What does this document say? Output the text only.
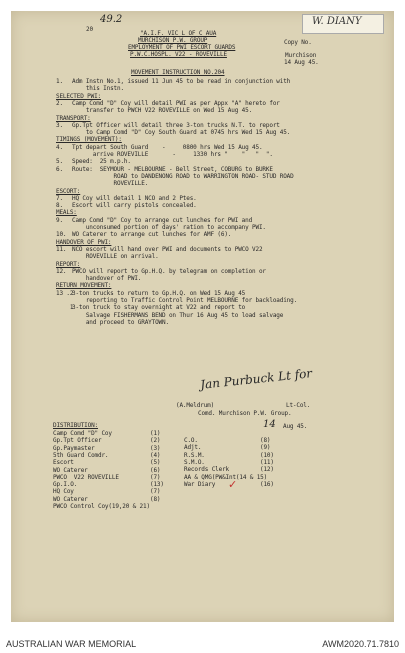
49.2
20
W. DIANY
"A.I.F. VIC L OF C AUA
MURCHISON P.W. GROUP
EMPLOYMENT OF PWI ESCORT GUARDS
P.W.C.HOSPL. V22 - ROVEVILLE
MOVEMENT INSTRUCTION NO.204
Copy No.
Murchison
14 Aug 45.
1. Adm Instn No.1, issued 11 Jun 45 to be read in conjunction with
this Instn.
SELECTED PWI:
2. Camp Comd "D" Coy will detail PWI as per Appx "A" hereto for
transfer to PWCH V22 ROVEVILLE on Wed 15 Aug 45.
TRANSPORT:
3. Gp.Tpt Officer will detail three 3-ton trucks N.T. to report
to Camp Comd "D" Coy South Guard at 0745 hrs Wed 15 Aug 45.
TIMINGS (MOVEMENT):
4. Tpt depart South Guard    -     0800 hrs Wed 15 Aug 45.
arrive ROVEVILLE       -     1330 hrs "    "   "  ".
5. Speed:  25 m.p.h.
6. Route:  SEYMOUR - MELBOURNE - Bell Street, COBURG to BURKE
ROAD to DANDENONG ROAD to WARRINGTON ROAD- STUD ROAD
ROVEVILLE.
ESCORT:
7. HQ Coy will detail 1 NCO and 2 Ptes.
8. Escort will carry pistols concealed.
MEALS:
9. Camp Comd "D" Coy to arrange cut lunches for PWI and
unconsumed portion of days' ration to accompany PWI.
10. WO Caterer to arrange cut lunches for AMF (6).
HANDOVER OF PWI:
11. NCO escort will hand over PWI and documents to PWCO V22
ROVEVILLE on arrival.
REPORT:
12. PWCO will report to Gp.H.Q. by telegram on completion or
handover of PWI.
RETURN MOVEMENT:
13 .2
3-ton trucks to return to Gp.H.Q. on Wed 15 Aug 45
reporting to Traffic Control Point MELBOURNE for backloading.
1
3-ton truck to stay overnight at V22 and report to
Salvage FISHERMANS BEND on Thur 16 Aug 45 to load salvage
and proceed to GRAYTOWN.
Jan Purbuck Lt for
(A.Meldrum)	Lt-Col.
Comd. Murchison P.W. Group.
14 Aug 45.
DISTRIBUTION:
Camp Comd "D" Coy	(1)
Gp.Tpt Officer	(2)
Gp.Paymaster	(3)
5th Guard Comdr.	(4)
Escort	(5)
WO Caterer	(6)
PWCO  V22 ROVEVILLE	(7)
Gp.I.O.	(13)
HQ Coy	(7)
WO Caterer	(8)
PWCO Control Coy(19,20 & 21)
C.O.	(8)
Adjt.	(9)
R.S.M.	(10)
S.M.O.	(11)
Records Clerk	(12)
AA & QMG(PW&Int(14 & 15)
War Diary	(16)
✓
AUSTRALIAN WAR MEMORIAL	AWM2020.71.7810
